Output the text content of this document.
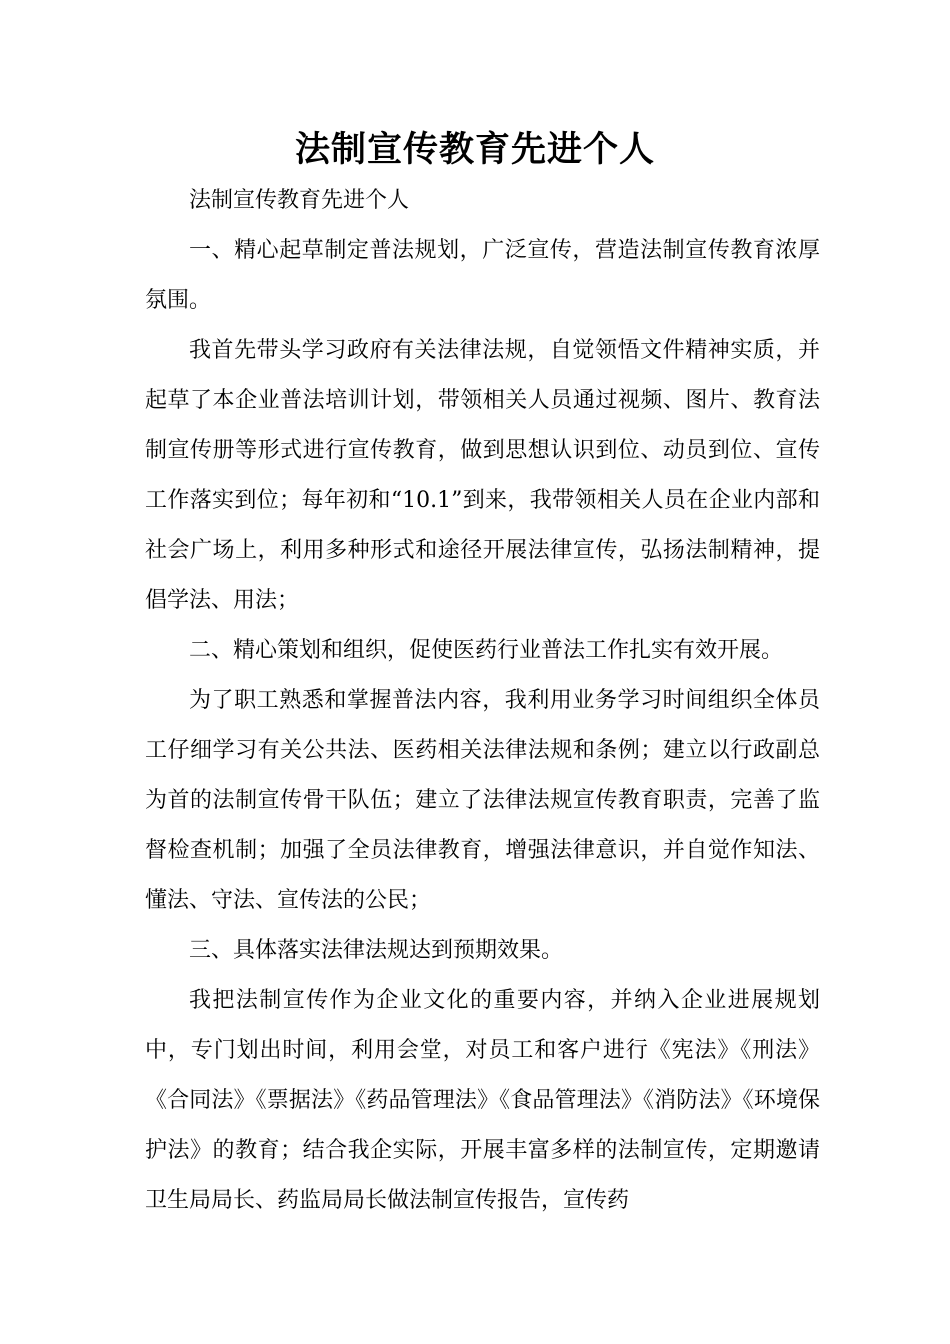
法制宣传教育先进个人

法制宣传教育先进个人

一、精心起草制定普法规划，广泛宣传，营造法制宣传教育浓厚氛围。

我首先带头学习政府有关法律法规，自觉领悟文件精神实质，并起草了本企业普法培训计划，带领相关人员通过视频、图片、教育法制宣传册等形式进行宣传教育，做到思想认识到位、动员到位、宣传工作落实到位；每年初和“10.1”到来，我带领相关人员在企业内部和社会广场上，利用多种形式和途径开展法律宣传，弘扬法制精神，提倡学法、用法；

二、精心策划和组织，促使医药行业普法工作扎实有效开展。

为了职工熟悉和掌握普法内容，我利用业务学习时间组织全体员工仔细学习有关公共法、医药相关法律法规和条例；建立以行政副总为首的法制宣传骨干队伍；建立了法律法规宣传教育职责，完善了监督检查机制；加强了全员法律教育，增强法律意识，并自觉作知法、懂法、守法、宣传法的公民；

三、具体落实法律法规达到预期效果。

我把法制宣传作为企业文化的重要内容，并纳入企业进展规划中，专门划出时间，利用会堂，对员工和客户进行《宪法》《刑法》《合同法》《票据法》《药品管理法》《食品管理法》《消防法》《环境保护法》的教育；结合我企实际，开展丰富多样的法制宣传，定期邀请卫生局局长、药监局局长做法制宣传报告，宣传药
